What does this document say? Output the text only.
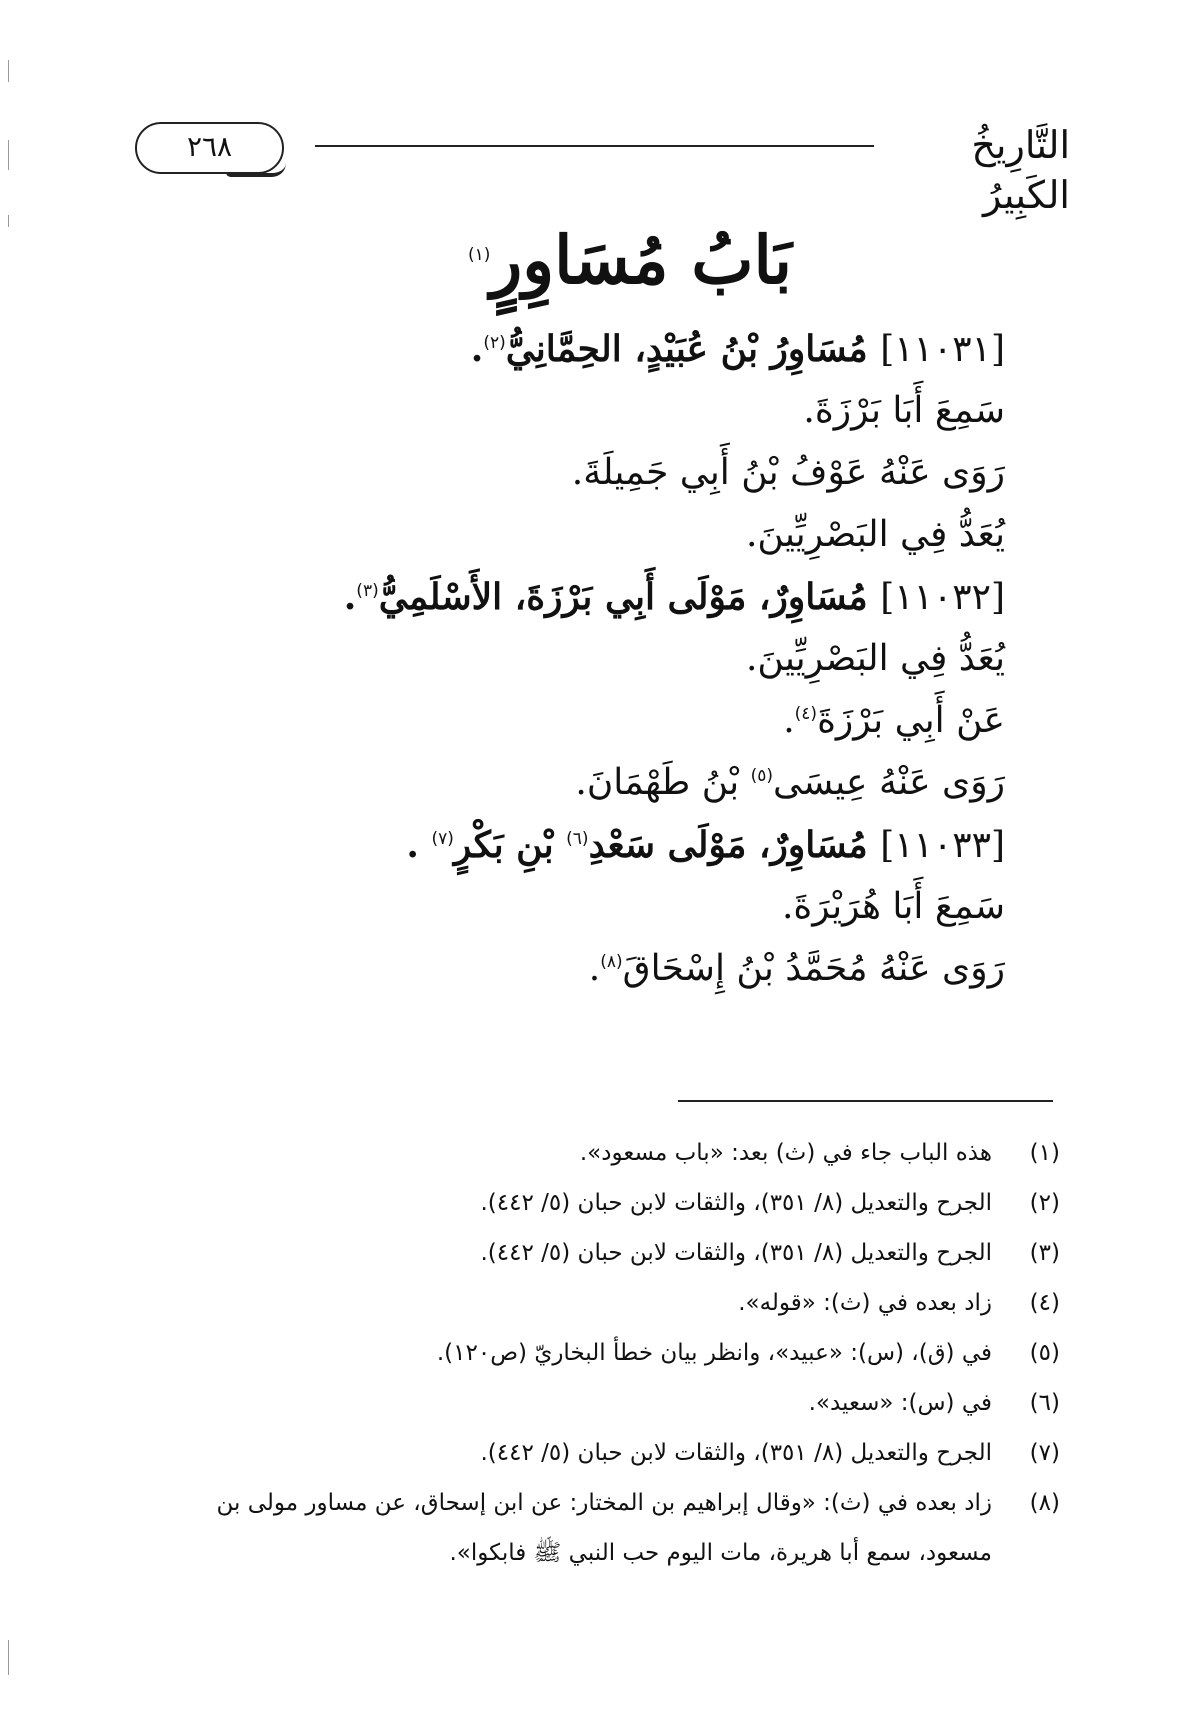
٢٦٨	التَّارِيخُ الكَبِيرُ
بَابُ مُسَاوِرٍ$^{(١)}$
[١١٠٣١] مُسَاوِرُ بْنُ عُبَيْدٍ، الحِمَّانِيُّ$^{(٢)}$.
سَمِعَ أَبَا بَرْزَةَ.
رَوَى عَنْهُ عَوْفُ بْنُ أَبِي جَمِيلَةَ.
يُعَدُّ فِي البَصْرِيِّينَ.
[١١٠٣٢] مُسَاوِرٌ، مَوْلَى أَبِي بَرْزَةَ، الأَسْلَمِيُّ$^{(٣)}$.
يُعَدُّ فِي البَصْرِيِّينَ.
عَنْ أَبِي بَرْزَةَ$^{(٤)}$.
رَوَى عَنْهُ عِيسَى$^{(٥)}$ بْنُ طَهْمَانَ.
[١١٠٣٣] مُسَاوِرٌ، مَوْلَى سَعْدِ$^{(٦)}$ بْنِ بَكْرٍ$^{(٧)}$ .
سَمِعَ أَبَا هُرَيْرَةَ.
رَوَى عَنْهُ مُحَمَّدُ بْنُ إِسْحَاقَ$^{(٨)}$.
(١)
هذه الباب جاء في (ث) بعد: «باب مسعود».
(٢)
الجرح والتعديل (٨/ ٣٥١)، والثقات لابن حبان (٥/ ٤٤٢).
(٣)
الجرح والتعديل (٨/ ٣٥١)، والثقات لابن حبان (٥/ ٤٤٢).
(٤)
زاد بعده في (ث): «قوله».
(٥)
في (ق)، (س): «عبيد»، وانظر بيان خطأ البخاريّ (ص١٢٠).
(٦)
في (س): «سعيد».
(٧)
الجرح والتعديل (٨/ ٣٥١)، والثقات لابن حبان (٥/ ٤٤٢).
(٨)
زاد بعده في (ث): «وقال إبراهيم بن المختار: عن ابن إسحاق، عن مساور مولى بن مسعود، سمع أبا هريرة، مات اليوم حب النبي ﷺ فابكوا».
